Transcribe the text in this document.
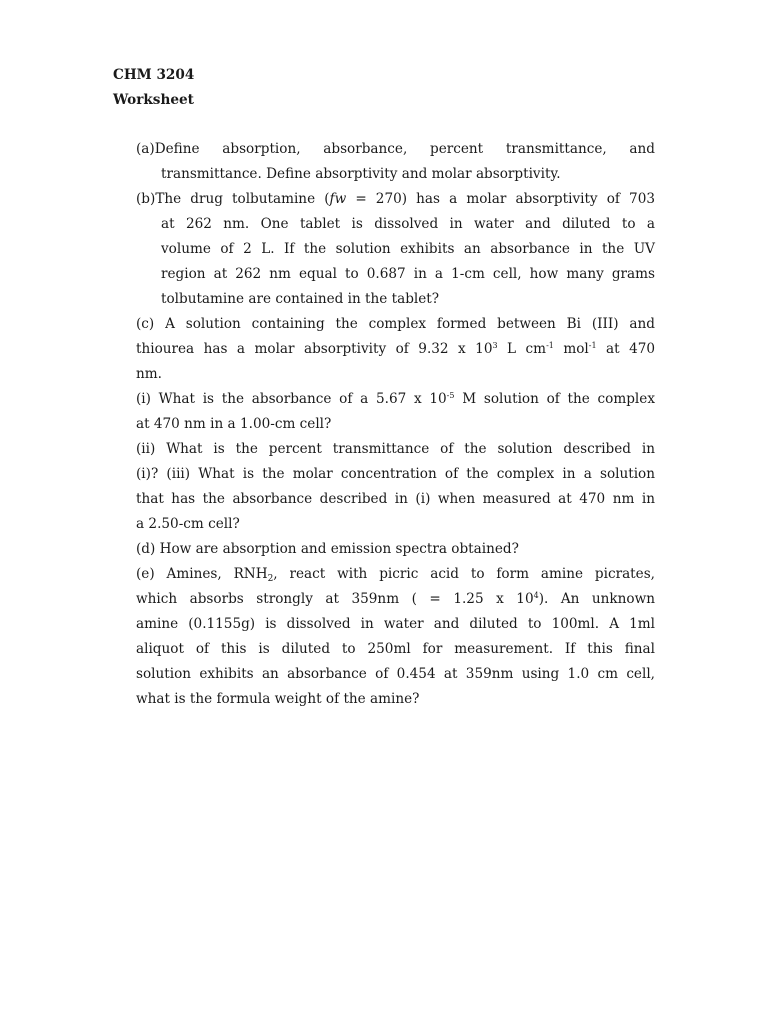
CHM 3204
Worksheet
(a)Define absorption, absorbance, percent transmittance, and
transmittance. Define absorptivity and molar absorptivity.
(b)The drug tolbutamine (fw = 270) has a molar absorptivity of 703
at 262 nm. One tablet is dissolved in water and diluted to a
volume of 2 L. If the solution exhibits an absorbance in the UV
region at 262 nm equal to 0.687 in a 1-cm cell, how many grams
tolbutamine are contained in the tablet?
(c) A solution containing the complex formed between Bi (III) and
thiourea has a molar absorptivity of 9.32 x $10^3$ L $cm^{-1}$ mol$^{-1}$ at 470
nm.
(i) What is the absorbance of a 5.67 x $10^{-5}$ M solution of the complex
at 470 nm in a 1.00-cm cell?
(ii) What is the percent transmittance of the solution described in
(i)? (iii) What is the molar concentration of the complex in a solution
that has the absorbance described in (i) when measured at 470 nm in
a 2.50-cm cell?
(d) How are absorption and emission spectra obtained?
(e) Amines, $RNH_2$, react with picric acid to form amine picrates,
which absorbs strongly at 359nm ( = 1.25 x $10^4$). An unknown
amine (0.1155g) is dissolved in water and diluted to 100ml. A 1ml
aliquot of this is diluted to 250ml for measurement. If this final
solution exhibits an absorbance of 0.454 at 359nm using 1.0 cm cell,
what is the formula weight of the amine?
